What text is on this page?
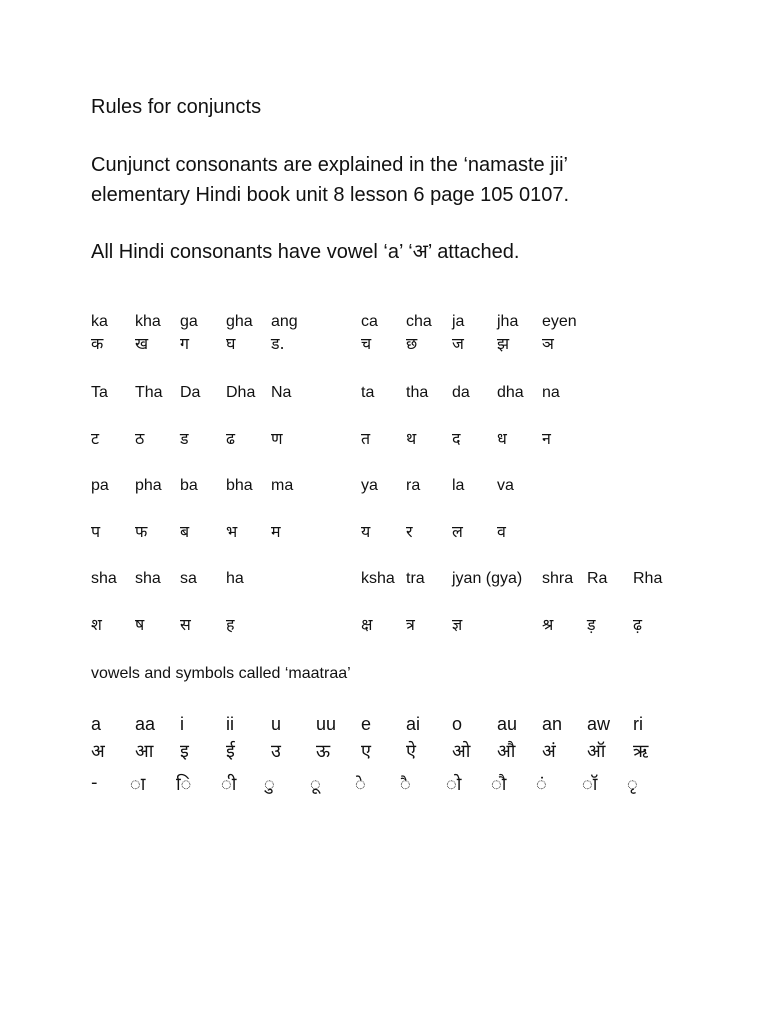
Rules for conjuncts
Cunjunct consonants are explained in the ‘namaste jii’
elementary Hindi book unit 8 lesson 6 page 105 0107.
All Hindi consonants have vowel ‘a’ ‘अ’ attached.
ka kha ga gha ang	ca cha ja jha eyen
क ख ग घ ड.	च छ ज झ ञ
Ta Tha Da Dha Na	ta tha da dha na
ट ठ ड ढ ण	त थ द ध न
pa pha ba bha ma	ya ra la va
प फ ब भ म	य र ल व
sha sha sa ha	ksha tra jyan (gya) shra Ra Rha
श ष स ह	क्ष त्र ज्ञ	श्र ड़ ढ़
vowels and symbols called ‘maatraa’
a aa i ii u uu e ai o au an aw ri
अ आ इ ई उ ऊ ए ऐ ओ औ अं ऑ ऋ
- ◌ा ◌ि ◌ी ◌ु ◌ू ◌े ◌ै ◌ो ◌ौ ◌ं ◌ॉ ◌ृ
